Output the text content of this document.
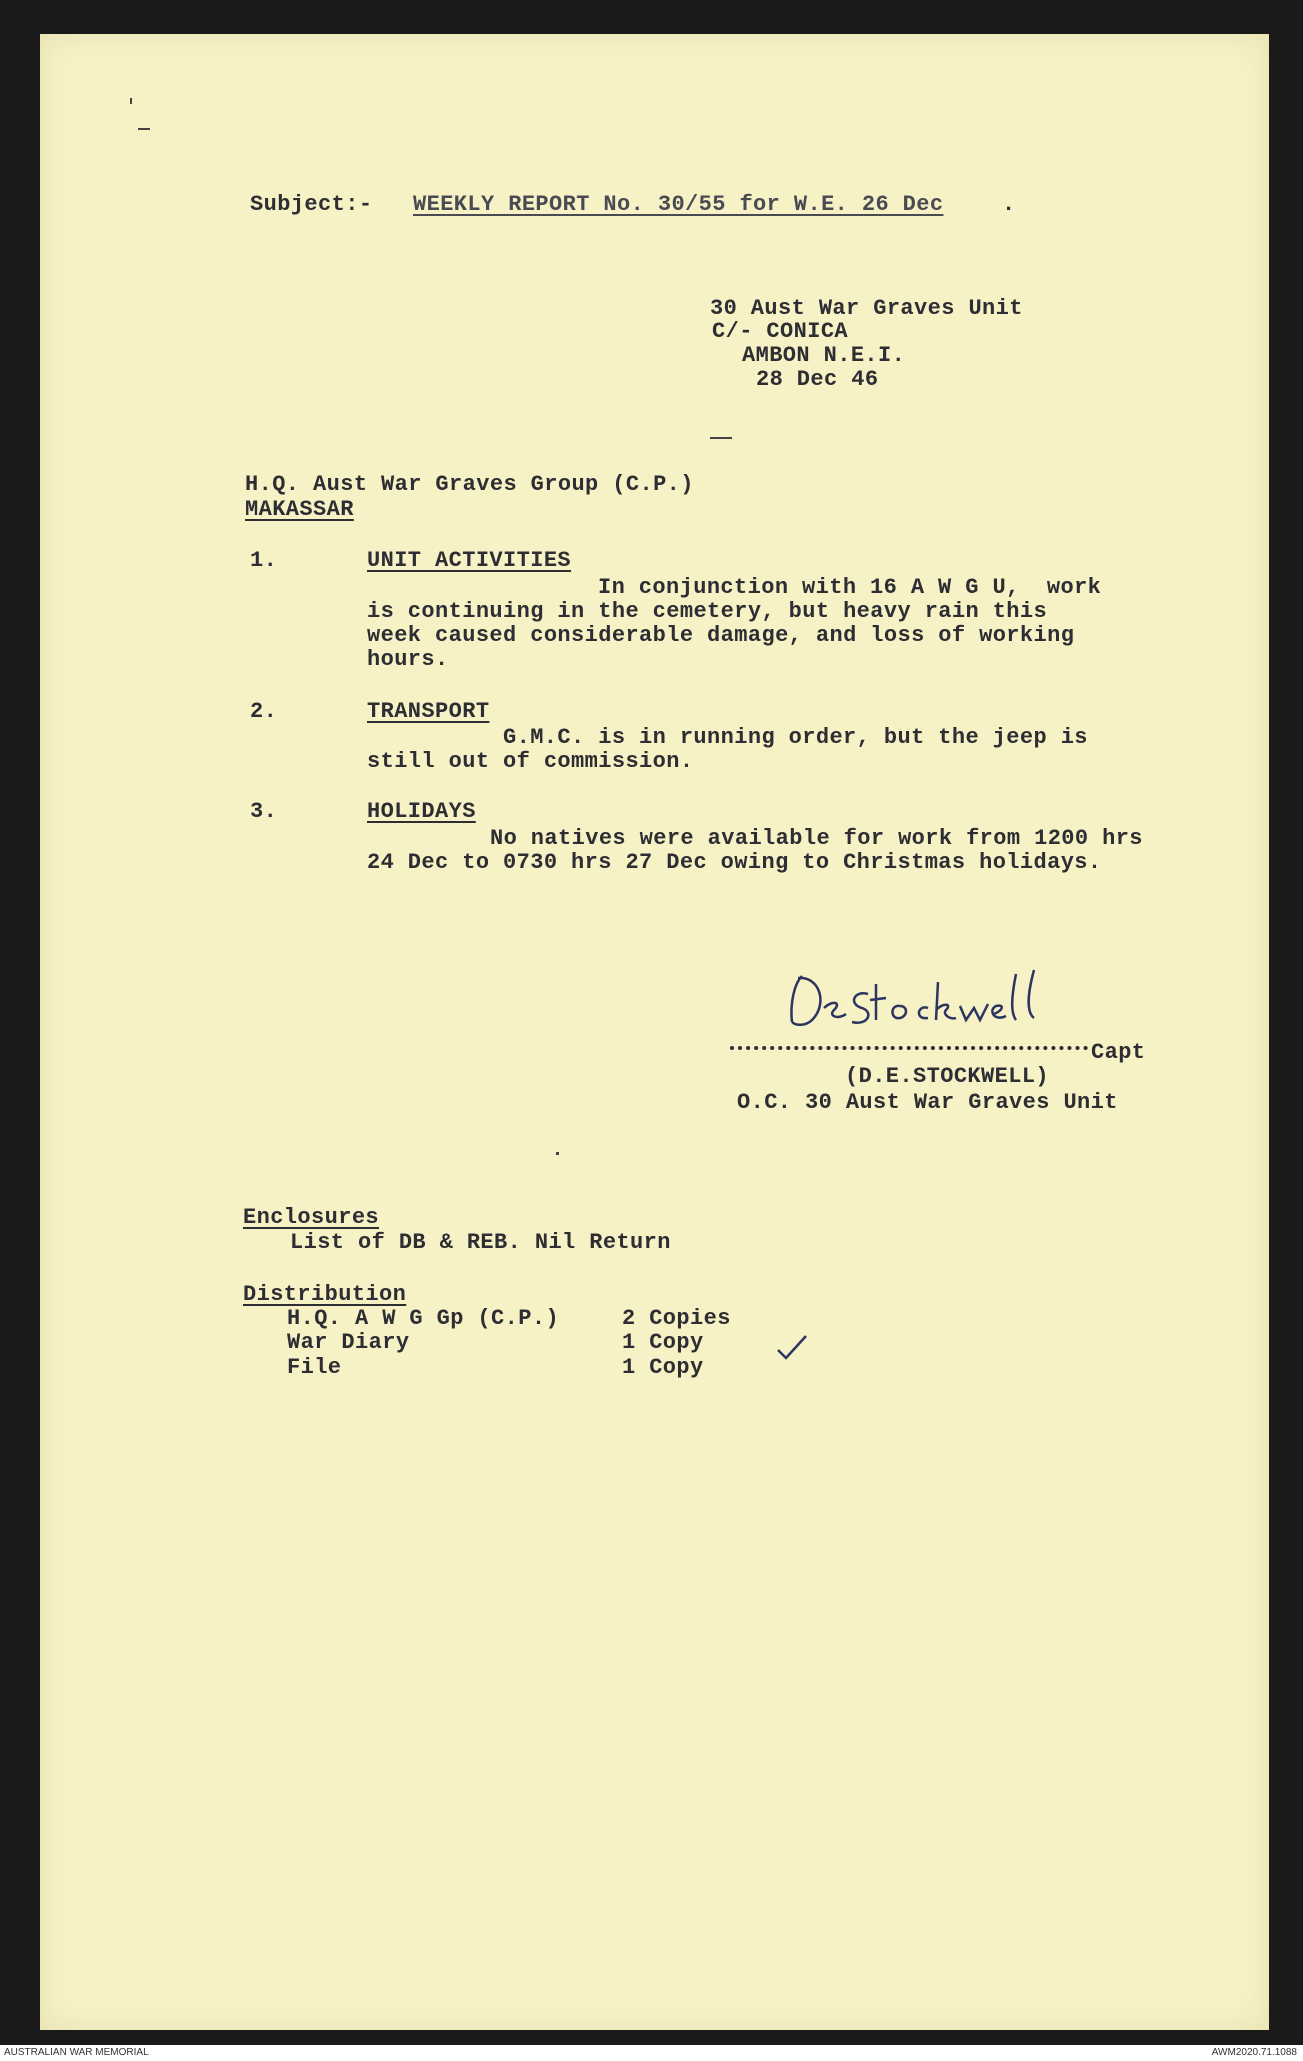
Subject:- WEEKLY REPORT No. 30/55 for W.E. 26 Dec	.
30 Aust War Graves Unit
C/- CONICA
AMBON N.E.I.
28 Dec 46
H.Q. Aust War Graves Group (C.P.)
MAKASSAR
1.	UNIT ACTIVITIES
In conjunction with 16 A W G U,  work
is continuing in the cemetery, but heavy rain this
week caused considerable damage, and loss of working
hours.
2.	TRANSPORT
G.M.C. is in running order, but the jeep is
still out of commission.
3.	HOLIDAYS
No natives were available for work from 1200 hrs
24 Dec to 0730 hrs 27 Dec owing to Christmas holidays.
Capt
(D.E.STOCKWELL)
O.C. 30 Aust War Graves Unit
Enclosures
List of DB & REB. Nil Return
Distribution
H.Q. A W G Gp (C.P.)	2 Copies
War Diary	1 Copy
File	1 Copy
AUSTRALIAN WAR MEMORIAL	AWM2020.71.1088
